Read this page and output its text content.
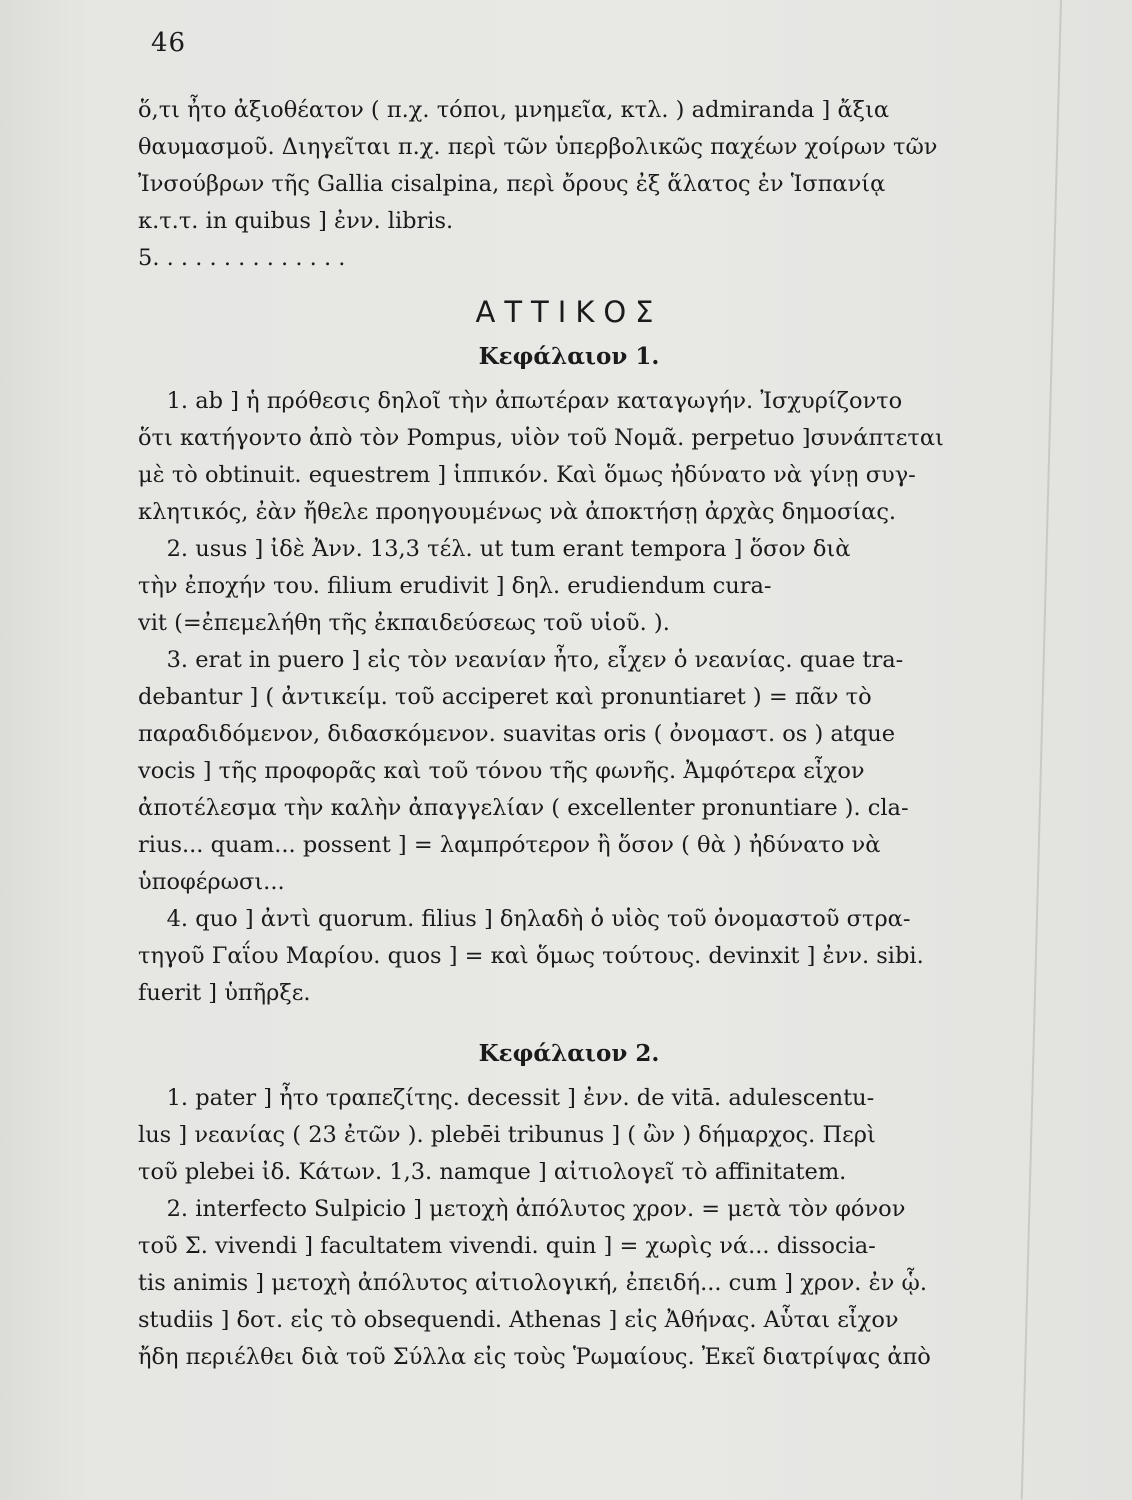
46
ὅ,τι ἦτο ἀξιοθέατον ( π.χ. τόποι, μνημεῖα, κτλ. ) admiranda ] ἄξια
θαυμασμοῦ. Διηγεῖται π.χ. περὶ τῶν ὑπερβολικῶς παχέων χοίρων τῶν
Ἰνσούβρων τῆς Gallia cisalpina, περὶ ὄρους ἐξ ἅλατος ἐν Ἱσπανίᾳ
κ.τ.τ. in quibus ] ἐνν. libris.
5. . . . . . . . . . . . . .
ΑΤΤΙΚΟΣ
Κεφάλαιον 1.
1. ab ] ἡ πρόθεσις δηλοῖ τὴν ἀπωτέραν καταγωγήν. Ἰσχυρίζοντο
ὅτι κατήγοντο ἀπὸ τὸν Pompus, υἱὸν τοῦ Νομᾶ. perpetuo ]συνάπτεται
μὲ τὸ obtinuit. equestrem ] ἱππικόν. Καὶ ὅμως ἠδύνατο νὰ γίνῃ συγ-
κλητικός, ἐὰν ἤθελε προηγουμένως νὰ ἀποκτήσῃ ἀρχὰς δημοσίας.
2. usus ] ἰδὲ Ἀνν. 13,3 τέλ. ut tum erant tempora ] ὅσον διὰ
τὴν ἐποχήν του. filium erudivit ] δηλ. erudiendum cura-
vit (=ἐπεμελήθη τῆς ἐκπαιδεύσεως τοῦ υἱοῦ. ).
3. erat in puero ] εἰς τὸν νεανίαν ἦτο, εἶχεν ὁ νεανίας. quae tra-
debantur ] ( ἀντικείμ. τοῦ acciperet καὶ pronuntiaret ) = πᾶν τὸ
παραδιδόμενον, διδασκόμενον. suavitas oris ( ὀνομαστ. os ) atque
vocis ] τῆς προφορᾶς καὶ τοῦ τόνου τῆς φωνῆς. Ἀμφότερα εἶχον
ἀποτέλεσμα τὴν καλὴν ἀπαγγελίαν ( excellenter pronuntiare ). cla-
rius... quam... possent ] = λαμπρότερον ἢ ὅσον ( θὰ ) ἠδύνατο νὰ
ὑποφέρωσι...
4. quo ] ἀντὶ quorum. filius ] δηλαδὴ ὁ υἱὸς τοῦ ὀνομαστοῦ στρα-
τηγοῦ Γαΐου Μαρίου. quos ] = καὶ ὅμως τούτους. devinxit ] ἐνν. sibi.
fuerit ] ὑπῆρξε.
Κεφάλαιον 2.
1. pater ] ἦτο τραπεζίτης. decessit ] ἐνν. de vitā. adulescentu-
lus ] νεανίας ( 23 ἐτῶν ). plebēi tribunus ] ( ὢν ) δήμαρχος. Περὶ
τοῦ plebei ἰδ. Κάτων. 1,3. namque ] αἰτιολογεῖ τὸ affinitatem.
2. interfecto Sulpicio ] μετοχὴ ἀπόλυτος χρον. = μετὰ τὸν φόνον
τοῦ Σ. vivendi ] facultatem vivendi. quin ] = χωρὶς νά... dissocia-
tis animis ] μετοχὴ ἀπόλυτος αἰτιολογική, ἐπειδή... cum ] χρον. ἐν ᾧ.
studiis ] δοτ. εἰς τὸ obsequendi. Athenas ] εἰς Ἀθήνας. Αὗται εἶχον
ἤδη περιέλθει διὰ τοῦ Σύλλα εἰς τοὺς Ῥωμαίους. Ἐκεῖ διατρίψας ἀπὸ
